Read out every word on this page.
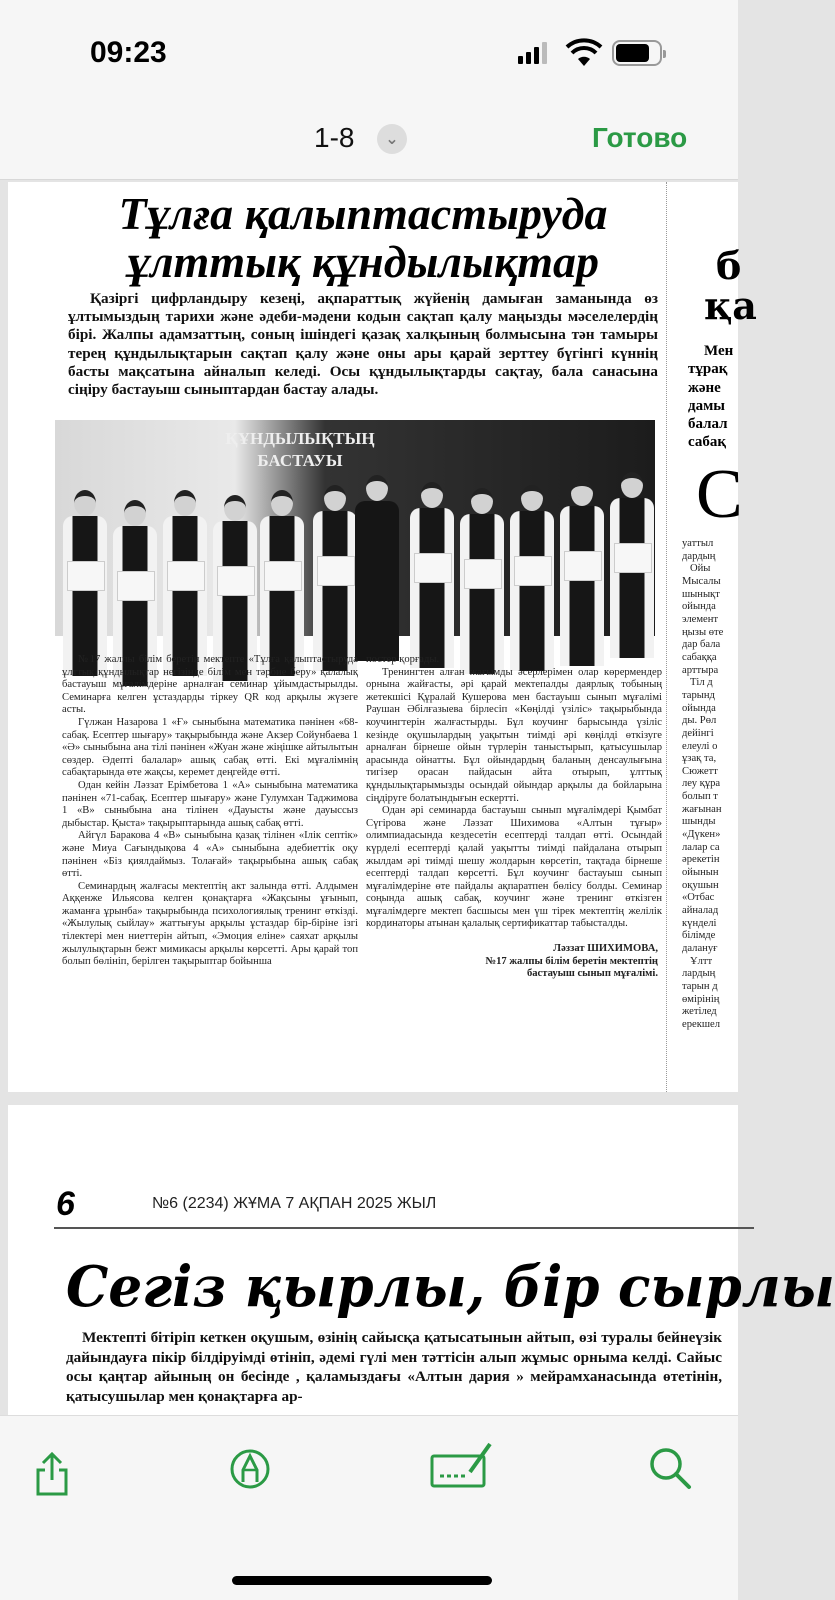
09:23
1-8	⌄	Готово
Тұлға қалыптастыруда
ұлттық құндылықтар
Қазіргі цифрландыру кезеңі, ақпараттық жүйенің дамыған заманында өз ұлтымыздың тарихи және әдеби-мәдени кодын сақтап қалу маңызды мәселелердің бірі. Жалпы адамзаттың, соның ішіндегі қазақ халқының болмысына тән тамыры терең құндылықтарын сақтап қалу және оны ары қарай зерттеу бүгінгі күннің басты мақсатына айналып келеді. Осы құндылықтарды сақтау, бала санасына сіңіру бастауыш сыныптардан бастау алады.
ҚҰНДЫЛЫҚТЫҢ
БАСТАУЫ

№17 жалпы білім беретін мектепте «Тұлға қалыптастыруда ұлттық құндылықтар негізінде білім мен тәрбие беру» қалалық бастауыш мұғалімдеріне арналған семинар ұйымдастырылды. Семинарға келген ұстаздарды тіркеу QR код арқылы жүзеге асты.

Гүлжан Назарова 1 «Ғ» сыныбына математика пәнінен «68-сабақ. Есептер шығару» тақырыбында және Акзер Сойунбаева 1 «Ә» сыныбына ана тілі пәнінен «Жуан және жіңішке айтылытын сөздер. Әдепті балалар» ашық сабақ өтті. Екі мұғалімнің сабақтарында өте жақсы, керемет деңгейде өтті.

Одан кейін Ләззат Ерімбетова 1 «А» сыныбына математика пәнінен «71-сабақ. Есептер шығару» және Гулумхан Таджимова 1 «В» сыныбына ана тілінен «Дауысты және дауыссыз дыбыстар. Қыста» тақырыптарында ашық сабақ өтті.

Айгүл Баракова 4 «В» сыныбына қазақ тілінен «Ілік септік» және Миуа Сағындықова 4 «А» сыныбына әдебиеттік оқу пәнінен «Біз қиялдаймыз. Толағай» тақырыбына ашық сабақ өтті.

Семинардың жалғасы мектептің акт залында өтті. Алдымен Аққенже Ильясова келген қонақтарға «Жақсыны ұғынып, жаманға ұрынба» тақырыбында психологиялық тренинг өткізді. «Жылулық сыйлау» жаттығуы арқылы ұстаздар бір-біріне ізгі тілектері мен ниеттерін айтып, «Эмоция еліне» саяхат арқылы жылулықтарын бежт мимикасы арқылы көрсетті. Ары қарай топ болып бөлініп, берілген тақырыптар бойынша

постер қорғады.

Тренингтен алған жағымды әсерлерімен олар көрермендер орнына жайғасты, әрі қарай мектепалды даярлық тобының жетекшісі Құралай Кушерова мен бастауыш сынып мұғалімі Раушан Әбілғазыева бірлесіп «Көңілді үзіліс» тақырыбында коучингтерін жалғастырды. Бұл коучинг барысында үзіліс кезінде оқушылардың уақытын тиімді әрі көңілді өткізуге арналған бірнеше ойын түрлерін таныстырып, қатысушылар арасында ойнатты. Бұл ойындардың баланың денсаулығына тигізер орасан пайдасын айта отырып, ұлттық құндылықтарымызды осындай ойындар арқылы да бойларына сіңдіруге болатындығын ескертті.

Одан әрі семинарда бастауыш сынып мұғалімдері Қымбат Сүгірова және Ләззат Шихимова «Алтын тұғыр» олимпиадасында кездесетін есептерді талдап өтті. Осындай күрделі есептерді қалай уақытты тиімді пайдалана отырып жылдам әрі тиімді шешу жолдарын көрсетіп, тақтада бірнеше есептерді талдап көрсетті. Бұл коучинг бастауыш сынып мұғалімдеріне өте пайдалы ақпаратпен бөлісу болды. Семинар соңында ашық сабақ, коучинг және тренинг өткізген мұғалімдерге мектеп басшысы мен үш тірек мектептің желілік кординаторы атынан қалалық сертификаттар табысталды.

Ләззат ШИХИМОВА,
№17 жалпы білім беретін мектептің
бастауыш сынып мұғалімі.
б
қа
Мен
тұрақ
және
дамы
балал
сабақ
С
уаттыл
дардың
Ойы
Мысалы
шынықт
ойында
элемент
ңызы өте
дар бала
сабаққа
арттыра
Тіл д
тарынд
ойында
ды. Рөл
дейінгі
елеулі о
ұзақ та,
Сюжетт
леу құра
болып т
жағынан
шынды
«Дүкен»
лалар са
әрекетін
ойынын
оқушын
«Отбас
айналад
күнделі
білімде
далануғ
Ұлтт
лардың
тарын д
өмірінің
жетілед
ерекшел
6	№6 (2234) ЖҰМА 7 АҚПАН 2025 ЖЫЛ
Сегіз қырлы, бір сырлы
Мектепті бітіріп кеткен оқушым, өзінің сайысқа қатысатынын айтып, өзі туралы бейнеүзік дайындауға пікір білдіруімді өтініп, әдемі гүлі мен тәттісін алып жұмыс орныма келді. Сайыс осы қаңтар айының он бесінде , қаламыздағы «Алтын дария » мейрамханасында өтетінін, қатысушылар мен қонақтарға ар-
